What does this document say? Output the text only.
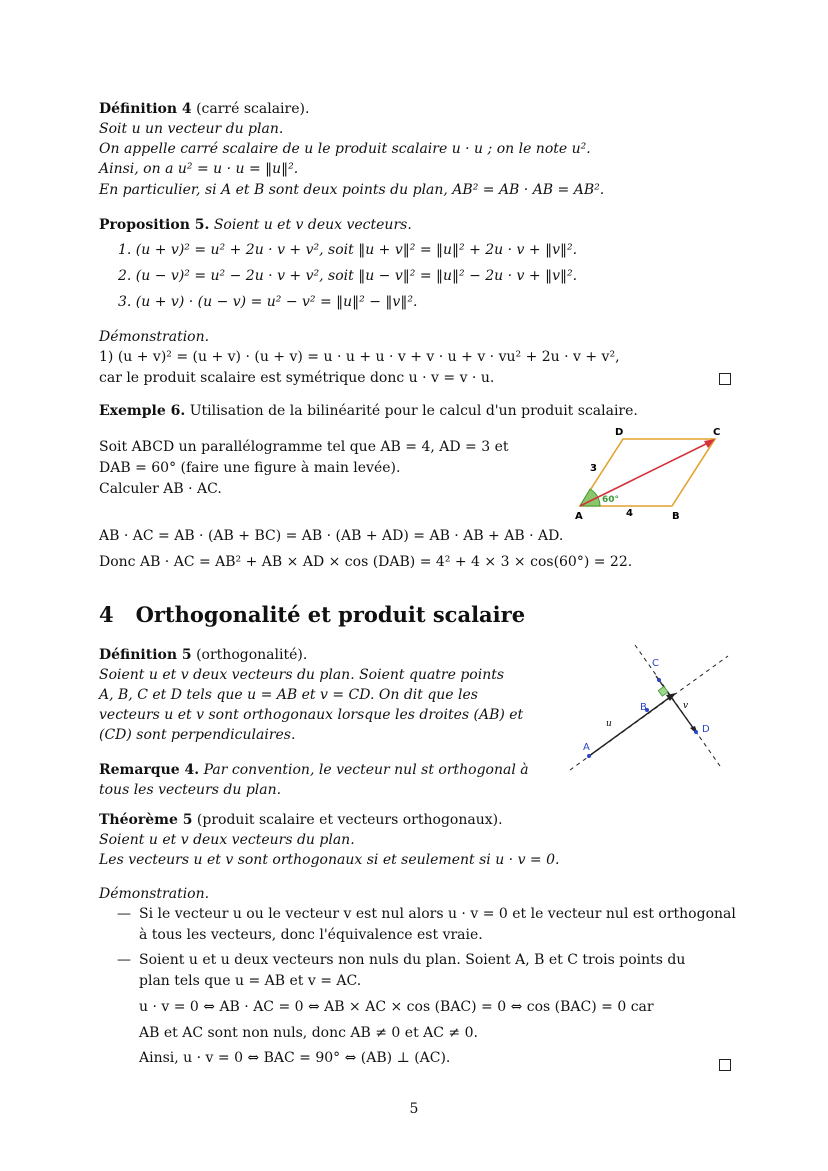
Définition 4 (carré scalaire).
Soit u un vecteur du plan.
On appelle carré scalaire de u le produit scalaire u · u ; on le note u².
Ainsi, on a u² = u · u = ‖u‖².
En particulier, si A et B sont deux points du plan, AB² = AB · AB = AB².
Proposition 5. Soient u et v deux vecteurs.
1. (u + v)² = u² + 2u · v + v², soit ‖u + v‖² = ‖u‖² + 2u · v + ‖v‖².
2. (u − v)² = u² − 2u · v + v², soit ‖u − v‖² = ‖u‖² − 2u · v + ‖v‖².
3. (u + v) · (u − v) = u² − v² = ‖u‖² − ‖v‖².
Démonstration.
1) (u + v)² = (u + v) · (u + v) = u · u + u · v + v · u + v · vu² + 2u · v + v²,
car le produit scalaire est symétrique donc u · v = v · u.
Exemple 6. Utilisation de la bilinéarité pour le calcul d'un produit scalaire.
Soit ABCD un parallélogramme tel que AB = 4, AD = 3 et
DAB = 60° (faire une figure à main levée).
Calculer AB · AC.
A	B
C
D
3
4
60°
AB · AC = AB · (AB + BC) = AB · (AB + AD) = AB · AB + AB · AD.
Donc AB · AC = AB² + AB × AD × cos (DAB) = 4² + 4 × 3 × cos(60°) = 22.
4 Orthogonalité et produit scalaire
Définition 5 (orthogonalité).
Soient u et v deux vecteurs du plan. Soient quatre points
A, B, C et D tels que u = AB et v = CD. On dit que les
vecteurs u et v sont orthogonaux lorsque les droites (AB) et
(CD) sont perpendiculaires.
A
B
C
D
u
v
Remarque 4. Par convention, le vecteur nul st orthogonal à
tous les vecteurs du plan.
Théorème 5 (produit scalaire et vecteurs orthogonaux).
Soient u et v deux vecteurs du plan.
Les vecteurs u et v sont orthogonaux si et seulement si u · v = 0.
Démonstration.
— Si le vecteur u ou le vecteur v est nul alors u · v = 0 et le vecteur nul est orthogonal
à tous les vecteurs, donc l'équivalence est vraie.
— Soient u et u deux vecteurs non nuls du plan. Soient A, B et C trois points du
plan tels que u = AB et v = AC.
u · v = 0 ⇔ AB · AC = 0 ⇔ AB × AC × cos (BAC) = 0 ⇔ cos (BAC) = 0 car
AB et AC sont non nuls, donc AB ≠ 0 et AC ≠ 0.
Ainsi, u · v = 0 ⇔ BAC = 90° ⇔ (AB) ⊥ (AC).
5
